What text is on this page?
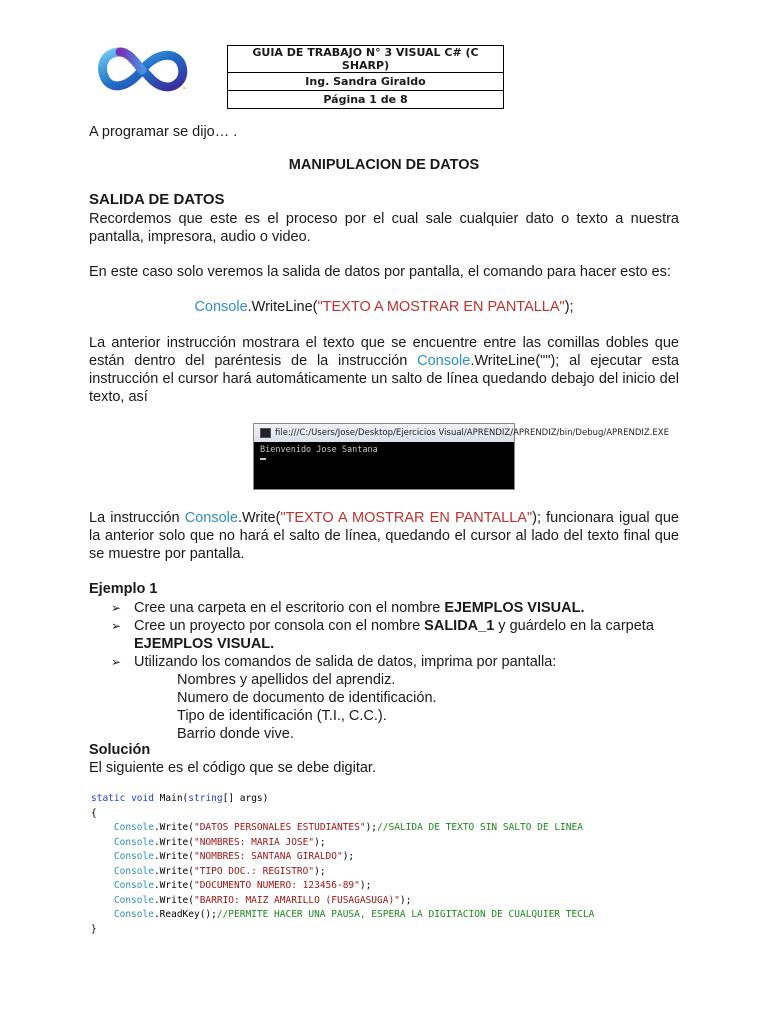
™
GUIA DE TRABAJO N° 3 VISUAL C# (C SHARP)
Ing. Sandra Giraldo
Página 1 de 8
A programar se dijo… .
MANIPULACION DE DATOS
SALIDA DE DATOS
Recordemos que este es el proceso por el cual sale cualquier dato o texto a nuestra pantalla, impresora, audio o video.
En este caso solo veremos la salida de datos por pantalla, el comando para hacer esto es:
Console.WriteLine("TEXTO A MOSTRAR EN PANTALLA");
La anterior instrucción mostrara el texto que se encuentre entre las comillas dobles que están dentro del paréntesis de la instrucción Console.WriteLine(""); al ejecutar esta instrucción el cursor hará automáticamente un salto de línea quedando debajo del inicio del texto, así
file:///C:/Users/Jose/Desktop/Ejercicios Visual/APRENDIZ/APRENDIZ/bin/Debug/APRENDIZ.EXE
Bienvenido Jose Santana
La instrucción Console.Write("TEXTO A MOSTRAR EN PANTALLA"); funcionara igual que la anterior solo que no hará el salto de línea, quedando el cursor al lado del texto final que se muestre por pantalla.
Ejemplo 1
➢ Cree una carpeta en el escritorio con el nombre EJEMPLOS VISUAL.
➢ Cree un proyecto por consola con el nombre SALIDA_1 y guárdelo en la carpeta EJEMPLOS VISUAL.
➢ Utilizando los comandos de salida de datos, imprima por pantalla:
Nombres y apellidos del aprendiz.
Numero de documento de identificación.
Tipo de identificación (T.I., C.C.).
Barrio donde vive.
Solución
El siguiente es el código que se debe digitar.
static void Main(string[] args)
{
Console.Write("DATOS PERSONALES ESTUDIANTES");//SALIDA DE TEXTO SIN SALTO DE LINEA
Console.Write("NOMBRES: MARIA JOSE");
Console.Write("NOMBRES: SANTANA GIRALDO");
Console.Write("TIPO DOC.: REGISTRO");
Console.Write("DOCUMENTO NUMERO: 123456-89");
Console.Write("BARRIO: MAIZ AMARILLO (FUSAGASUGA)");
Console.ReadKey();//PERMITE HACER UNA PAUSA, ESPERA LA DIGITACION DE CUALQUIER TECLA
}
